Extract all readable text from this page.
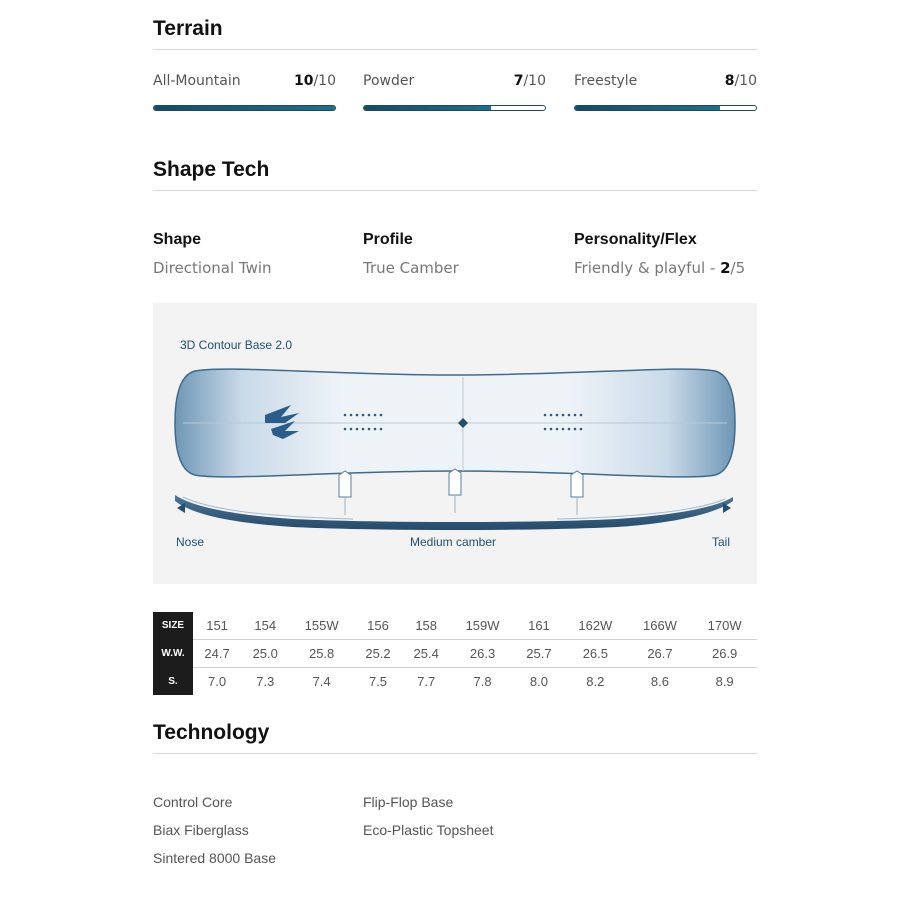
Terrain
All-Mountain	10/10 Powder	7/10 Freestyle	8/10
Shape Tech
Shape
Directional Twin
Profile
True Camber
Personality/Flex
Friendly & playful - 2/5
3D Contour Base 2.0
Nose	Medium camber	Tail
SIZE	151	154	155W	156	158	159W	161	162W	166W	170W
W.W.	24.7	25.0	25.8	25.2	25.4	26.3	25.7	26.5	26.7	26.9
S.	7.0	7.3	7.4	7.5	7.7	7.8	8.0	8.2	8.6	8.9
Technology
Control Core
Biax Fiberglass
Sintered 8000 Base
Flip-Flop Base
Eco-Plastic Topsheet
